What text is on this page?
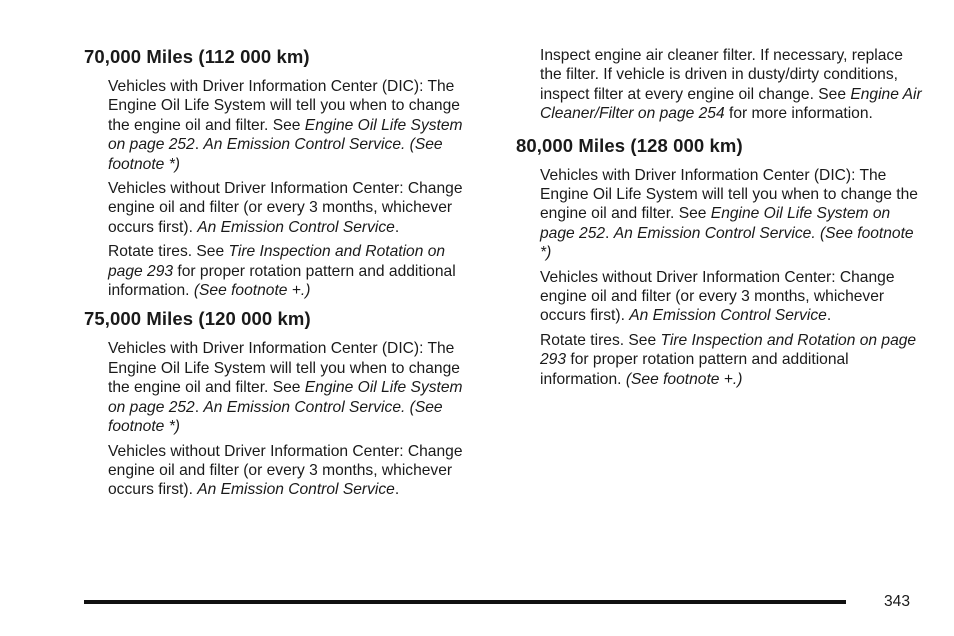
70,000 Miles (112 000 km)

Vehicles with Driver Information Center (DIC): The Engine Oil Life System will tell you when to change the engine oil and filter. See Engine Oil Life System on page 252. An Emission Control Service. (See footnote *)

Vehicles without Driver Information Center: Change engine oil and filter (or every 3 months, whichever occurs first). An Emission Control Service.

Rotate tires. See Tire Inspection and Rotation on page 293 for proper rotation pattern and additional information. (See footnote +.)

75,000 Miles (120 000 km)

Vehicles with Driver Information Center (DIC): The Engine Oil Life System will tell you when to change the engine oil and filter. See Engine Oil Life System on page 252. An Emission Control Service. (See footnote *)

Vehicles without Driver Information Center: Change engine oil and filter (or every 3 months, whichever occurs first). An Emission Control Service.

Inspect engine air cleaner filter. If necessary, replace the filter. If vehicle is driven in dusty/dirty conditions, inspect filter at every engine oil change. See Engine Air Cleaner/Filter on page 254 for more information.

80,000 Miles (128 000 km)

Vehicles with Driver Information Center (DIC): The Engine Oil Life System will tell you when to change the engine oil and filter. See Engine Oil Life System on page 252. An Emission Control Service. (See footnote *)

Vehicles without Driver Information Center: Change engine oil and filter (or every 3 months, whichever occurs first). An Emission Control Service.

Rotate tires. See Tire Inspection and Rotation on page 293 for proper rotation pattern and additional information. (See footnote +.)

343
